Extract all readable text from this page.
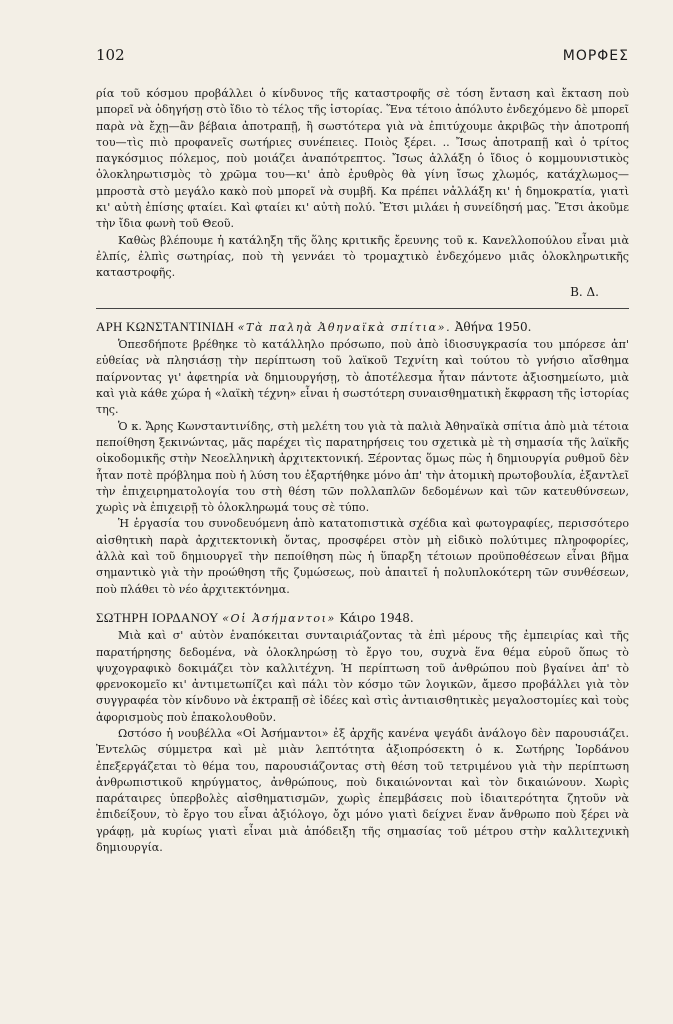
102	ΜΟΡΦΕΣ

ρία τοῦ κόσμου προβάλλει ὁ κίνδυνος τῆς καταστροφῆς σὲ τόση ἔνταση καὶ ἔκταση ποὺ μπορεῖ νὰ ὁδηγήσῃ στὸ ἴδιο τὸ τέλος τῆς ἱστορίας. Ἕνα τέτοιο ἀπόλυτο ἐνδεχόμενο δὲ μπορεῖ παρὰ νὰ ἔχῃ—ἂν βέβαια ἀποτραπῇ, ἢ σωστότερα γιὰ νὰ ἐπιτύχουμε ἀκριβῶς τὴν ἀποτροπή του—τὶς πιὸ προφανεῖς σωτήριες συνέπειες. Ποιὸς ξέρει. .. Ἴσως ἀποτραπῇ καὶ ὁ τρίτος παγκόσμιος πόλεμος, ποὺ μοιάζει ἀναπότρεπτος. Ἴσως ἀλλάξη ὁ ἴδιος ὁ κομμουνιστικὸς ὁλοκληρωτισμὸς τὸ χρῶμα του—κι' ἀπὸ ἐρυθρὸς θὰ γίνη ἴσως χλωμός, κατάχλωμος—μπροστὰ στὸ μεγάλο κακὸ ποὺ μπορεῖ νὰ συμβῆ. Κα πρέπει νἀλλάξη κι' ἡ δημοκρατία, γιατὶ κι' αὐτὴ ἐπίσης φταίει. Καὶ φταίει κι' αὐτὴ πολύ. Ἔτσι μιλάει ἡ συνείδησή μας. Ἔτσι ἀκοῦμε τὴν ἴδια φωνὴ τοῦ Θεοῦ.

Καθὼς βλέπουμε ἡ κατάληξη τῆς ὅλης κριτικῆς ἔρευνης τοῦ κ. Κανελλοπούλου εἶναι μιὰ ἐλπίς, ἐλπὶς σωτηρίας, ποὺ τὴ γεννάει τὸ τρομαχτικὸ ἐνδεχόμενο μιᾶς ὁλοκληρωτικῆς καταστροφῆς.

Β. Δ.
ΑΡΗ ΚΩΝΣΤΑΝΤΙΝΙΔΗ «Τὰ παληὰ Ἀθηναϊκὰ σπίτια». Ἀθήνα 1950.

Ὁπεσδήποτε βρέθηκε τὸ κατάλληλο πρόσωπο, ποὺ ἀπὸ ἰδιοσυγκρασία του μπόρεσε ἀπ' εὐθείας νὰ πλησιάσῃ τὴν περίπτωση τοῦ λαϊκοῦ Τεχνίτη καὶ τούτου τὸ γνήσιο αἴσθημα παίρνοντας γι' ἀφετηρία νὰ δημιουργήσῃ, τὸ ἀποτέλεσμα ἦταν πάντοτε ἀξιοσημείωτο, μιὰ καὶ γιὰ κάθε χώρα ἡ «λαϊκὴ τέχνη» εἶναι ἡ σωστότερη συναισθηματικὴ ἔκφραση τῆς ἱστορίας της.

Ὁ κ. Ἄρης Κωνσταντινίδης, στὴ μελέτη του γιὰ τὰ παλιὰ Ἀθηναϊκὰ σπίτια ἀπὸ μιὰ τέτοια πεποίθηση ξεκινώντας, μᾶς παρέχει τὶς παρατηρήσεις του σχετικὰ μὲ τὴ σημασία τῆς λαϊκῆς οἰκοδομικῆς στὴν Νεοελληνικὴ ἀρχιτεκτονική. Ξέροντας ὅμως πὼς ἡ δημιουργία ρυθμοῦ δὲν ἦταν ποτὲ πρόβλημα ποὺ ἡ λύση του ἐξαρτήθηκε μόνο ἀπ' τὴν ἀτομικὴ πρωτοβουλία, ἐξαντλεῖ τὴν ἐπιχειρηματολογία του στὴ θέση τῶν πολλαπλῶν δεδομένων καὶ τῶν κατευθύνσεων, χωρὶς νὰ ἐπιχειρῇ τὸ ὁλοκληρωμά τους σὲ τύπο.

Ἡ ἐργασία του συνοδευόμενη ἀπὸ κατατοπιστικὰ σχέδια καὶ φωτογραφίες, περισσότερο αἰσθητικὴ παρὰ ἀρχιτεκτονικὴ ὄντας, προσφέρει στὸν μὴ εἰδικὸ πολύτιμες πληροφορίες, ἀλλὰ καὶ τοῦ δημιουργεῖ τὴν πεποίθηση πὼς ἡ ὕπαρξη τέτοιων προϋποθέσεων εἶναι βῆμα σημαντικὸ γιὰ τὴν προώθηση τῆς ζυμώσεως, ποὺ ἀπαιτεῖ ἡ πολυπλοκότερη τῶν συνθέσεων, ποὺ πλάθει τὸ νέο ἀρχιτεκτόνημα.

ΣΩΤΗΡΗ ΙΟΡΔΑΝΟΥ «Οἱ Ἀσήμαντοι» Κάιρο 1948.

Μιὰ καὶ σ' αὐτὸν ἐναπόκειται συνταιριάζοντας τὰ ἐπὶ μέρους τῆς ἐμπειρίας καὶ τῆς παρατήρησης δεδομένα, νὰ ὁλοκληρώσῃ τὸ ἔργο του, συχνὰ ἕνα θέμα εὑροῦ ὅπως τὸ ψυχογραφικὸ δοκιμάζει τὸν καλλιτέχνη. Ἡ περίπτωση τοῦ ἀνθρώπου ποὺ βγαίνει ἀπ' τὸ φρενοκομεῖο κι' ἀντιμετωπίζει καὶ πάλι τὸν κόσμο τῶν λογικῶν, ἄμεσο προβάλλει γιὰ τὸν συγγραφέα τὸν κίνδυνο νὰ ἐκτραπῇ σὲ ἰδέες καὶ στὶς ἀντιαισθητικὲς μεγαλοστομίες καὶ τοὺς ἀφορισμοὺς ποὺ ἐπακολουθοῦν.

Ωστόσο ἡ νουβέλλα «Οἱ Ἀσήμαντοι» ἐξ ἀρχῆς κανένα ψεγάδι ἀνάλογο δὲν παρουσιάζει. Ἐντελῶς σύμμετρα καὶ μὲ μιὰν λεπτότητα ἀξιοπρόσεκτη ὁ κ. Σωτήρης Ἰορδάνου ἐπεξεργάζεται τὸ θέμα του, παρουσιάζοντας στὴ θέση τοῦ τετριμένου γιὰ τὴν περίπτωση ἀνθρωπιστικοῦ κηρύγματος, ἀνθρώπους, ποὺ δικαιώνονται καὶ τὸν δικαιώνουν. Χωρὶς παράταιρες ὑπερβολὲς αἰσθηματισμῶν, χωρὶς ἐπεμβάσεις ποὺ ἰδιαιτερότητα ζητοῦν νὰ ἐπιδείξουν, τὸ ἔργο του εἶναι ἀξιόλογο, ὄχι μόνο γιατὶ δείχνει ἕναν ἄνθρωπο ποὺ ξέρει νὰ γράφῃ, μὰ κυρίως γιατὶ εἶναι μιὰ ἀπόδειξη τῆς σημασίας τοῦ μέτρου στὴν καλλιτεχνικὴ δημιουργία.
